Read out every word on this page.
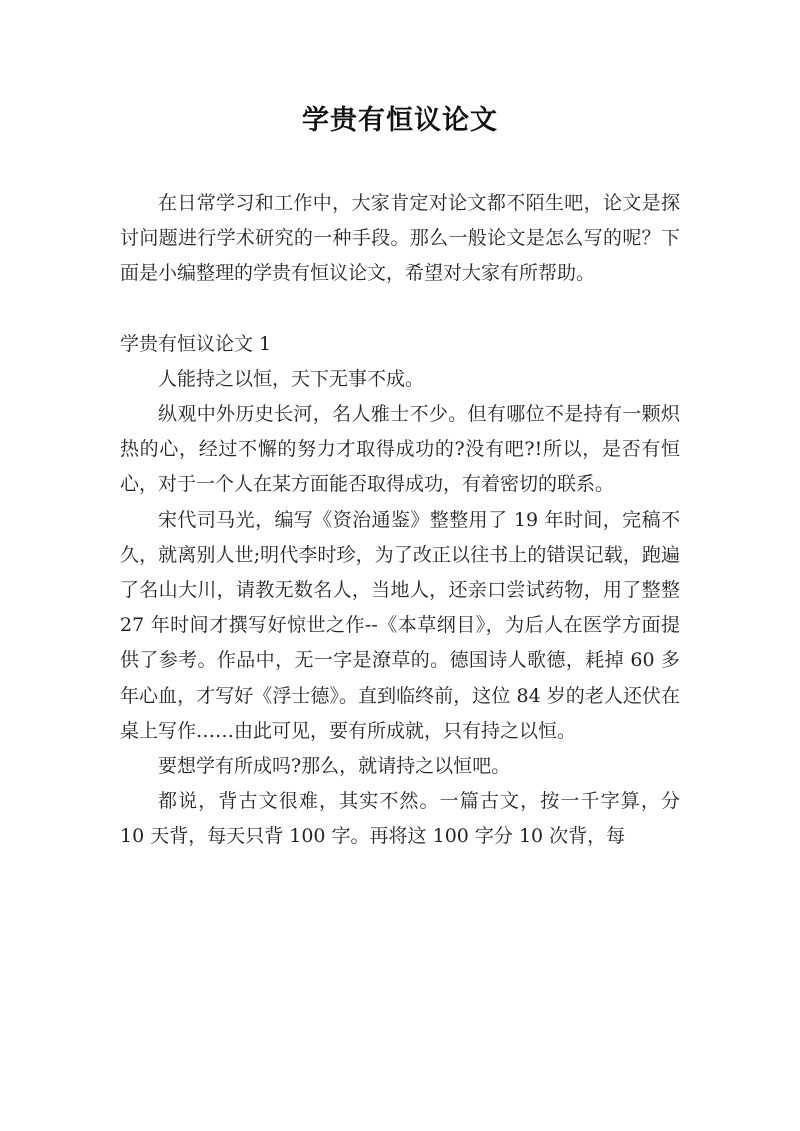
学贵有恒议论文

在日常学习和工作中，大家肯定对论文都不陌生吧，论文是探讨问题进行学术研究的一种手段。那么一般论文是怎么写的呢？下面是小编整理的学贵有恒议论文，希望对大家有所帮助。

学贵有恒议论文 1

人能持之以恒，天下无事不成。

纵观中外历史长河，名人雅士不少。但有哪位不是持有一颗炽热的心，经过不懈的努力才取得成功的?没有吧?!所以，是否有恒心，对于一个人在某方面能否取得成功，有着密切的联系。

宋代司马光，编写《资治通鉴》整整用了 19 年时间，完稿不久，就离别人世;明代李时珍，为了改正以往书上的错误记载，跑遍了名山大川，请教无数名人，当地人，还亲口尝试药物，用了整整 27 年时间才撰写好惊世之作--《本草纲目》，为后人在医学方面提供了参考。作品中，无一字是潦草的。德国诗人歌德，耗掉 60 多年心血，才写好《浮士德》。直到临终前，这位 84 岁的老人还伏在桌上写作……由此可见，要有所成就，只有持之以恒。

要想学有所成吗?那么，就请持之以恒吧。

都说，背古文很难，其实不然。一篇古文，按一千字算，分 10 天背，每天只背 100 字。再将这 100 字分 10 次背，每
